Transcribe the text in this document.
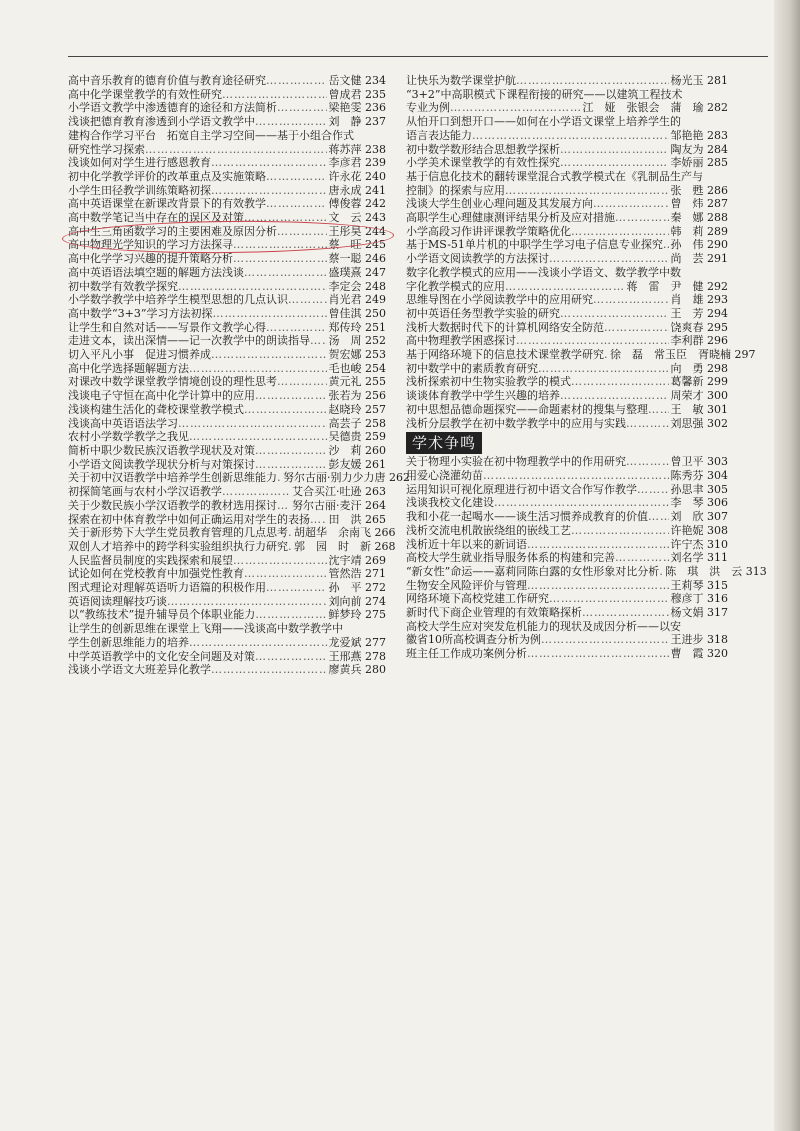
高中音乐教育的德育价值与教育途径研究 …………………………………………………………………………………………	岳文健 234
高中化学课堂教学的有效性研究 …………………………………………………………………………………………	曾成君 235
小学语文教学中渗透德育的途径和方法简析 …………………………………………………………………………………………	梁艳雯 236
浅谈把德育教育渗透到小学语文教学中 …………………………………………………………………………………………	刘　静 237
建构合作学习平台　拓宽自主学习空间——基于小组合作式
研究性学习探索 …………………………………………………………………………………………	蒋苏萍 238
浅谈如何对学生进行感恩教育 …………………………………………………………………………………………	李彦君 239
初中化学教学评价的改革重点及实施策略 …………………………………………………………………………………………	许永花 240
小学生田径教学训练策略初探 …………………………………………………………………………………………	唐永成 241
高中英语课堂在新课改背景下的有效教学 …………………………………………………………………………………………	傅俊蓉 242
高中数学笔记当中存在的误区及对策 …………………………………………………………………………………………	文　云 243
高中生三角函数学习的主要困难及原因分析 …………………………………………………………………………………………	王彤昊 244
高中物理光学知识的学习方法探寻 …………………………………………………………………………………………	蔡　旺 245
高中化学学习兴趣的提升策略分析 …………………………………………………………………………………………	蔡一聪 246
高中英语语法填空题的解题方法浅谈 …………………………………………………………………………………………	盛璞熹 247
初中数学有效教学探究 …………………………………………………………………………………………	李定会 248
小学数学教学中培养学生模型思想的几点认识 …………………………………………………………………………………………	肖光君 249
高中数学“3+3”学习方法初探 …………………………………………………………………………………………	曾佳淇 250
让学生和自然对话——写景作文教学心得 …………………………………………………………………………………………	郑传玲 251
走进文本，读出深情——记一次教学中的朗读指导 ………………………………………………………………………………………… 汤　周 252
切入平凡小事　促进习惯养成 …………………………………………………………………………………………	贺宏娜 253
高中化学选择题解题方法 …………………………………………………………………………………………	毛也峻 254
对课改中数学课堂教学情境创设的理性思考 …………………………………………………………………………………………	黄元礼 255
浅谈电子守恒在高中化学计算中的应用 …………………………………………………………………………………………	张若为 256
浅谈构建生活化的聋校课堂教学模式 …………………………………………………………………………………………	赵晓玲 257
浅谈高中英语语法学习 …………………………………………………………………………………………	高芸子 258
农村小学数学教学之我见 …………………………………………………………………………………………	吴德贵 259
简析中职少数民族汉语教学现状及对策 …………………………………………………………………………………………	沙　莉 260
小学语文阅读教学现状分析与对策探讨 …………………………………………………………………………………………	彭友媛 261
关于初中汉语教学中培养学生创新思维能力 ………………………………………………………………………………………… 努尔古丽·别力少力唐 262
初探简笔画与农村小学汉语教学 …………………………………………………………………………………………	艾合买江·吐逊 263
关于少数民族小学汉语教学的教材选用探讨 ………………………………………………………………………………………… 努尔古丽·麦汗 264
探索在初中体育教学中如何正确运用对学生的表扬 ………………………………………………………………………………………… 田　洪 265
关于新形势下大学生党员教育管理的几点思考 ………………………………………………………………………………………… 胡超华　余南飞 266
双创人才培养中的跨学科实验组织执行力研究 ………………………………………………………………………………………… 郭　园　时　新 268
人民监督员制度的实践探索和展望 …………………………………………………………………………………………	沈宇靖 269
试论如何在党校教育中加强党性教育 …………………………………………………………………………………………	管然浩 271
图式理论对理解英语听力语篇的积极作用 …………………………………………………………………………………………	孙　平 272
英语阅读理解技巧谈 …………………………………………………………………………………………	刘向前 274
以“教练技术”提升辅导员个体职业能力 …………………………………………………………………………………………	鲜梦玲 275
让学生的创新思维在课堂上飞翔——浅谈高中数学教学中
学生创新思维能力的培养 …………………………………………………………………………………………	龙爱斌 277
中学英语教学中的文化安全问题及对策 …………………………………………………………………………………………	王邢燕 278
浅谈小学语文大班差异化教学 …………………………………………………………………………………………	廖黄兵 280
让快乐为数学课堂护航 …………………………………………………………………………………………	杨光玉 281
“3+2”中高职模式下课程衔接的研究——以建筑工程技术
专业为例 …………………………………………………………………………………………	江　娅　张银会　蒲　瑜 282
从怕开口到想开口——如何在小学语文课堂上培养学生的
语言表达能力 …………………………………………………………………………………………	邹艳艳 283
初中数学数形结合思想教学探析 …………………………………………………………………………………………	陶友为 284
小学美术课堂教学的有效性探究 …………………………………………………………………………………………	李娇丽 285
基于信息化技术的翻转课堂混合式教学模式在《乳制品生产与
控制》的探索与应用 …………………………………………………………………………………………	张　甦 286
浅谈大学生创业心理问题及其发展方向 …………………………………………………………………………………………	曾　炜 287
高职学生心理健康测评结果分析及应对措施 …………………………………………………………………………………………	秦　娜 288
小学高段习作讲评课教学策略优化 …………………………………………………………………………………………	韩　莉 289
基于MS-51单片机的中职学生学习电子信息专业探究 ………………………………………………………………………………………… 孙　伟 290
小学语文阅读教学的方法探讨 …………………………………………………………………………………………	尚　芸 291
数字化教学模式的应用——浅谈小学语文、数学教学中数
字化教学模式的应用 …………………………………………………………………………………………	蒋　雷　尹　健 292
思维导图在小学阅读教学中的应用研究 …………………………………………………………………………………………	肖　雄 293
初中英语任务型教学实验的研究 …………………………………………………………………………………………	王　芳 294
浅析大数据时代下的计算机网络安全防范 …………………………………………………………………………………………	饶爽春 295
高中物理教学困惑探讨 …………………………………………………………………………………………	李利群 296
基于网络环境下的信息技术课堂教学研究 ………………………………………………………………………………………… 徐　磊　常玉臣　胥晓楠 297
初中数学中的素质教育研究 …………………………………………………………………………………………	向　勇 298
浅析探索初中生物实验教学的模式 …………………………………………………………………………………………	葛馨新 299
谈谈体育教学中学生兴趣的培养 …………………………………………………………………………………………	周荣才 300
初中思想品德命题探究——命题素材的搜集与整理 ………………………………………………………………………………………… 王　敏 301
浅析分层教学在初中数学教学中的应用与实践 …………………………………………………………………………………………	刘思强 302
学术争鸣
关于物理小实验在初中物理教学中的作用研究 …………………………………………………………………………………………	曾卫平 303
用爱心浇灌幼苗 …………………………………………………………………………………………	陈秀芬 304
运用知识可视化原理进行初中语文合作写作教学 …………………………………………………………………………………………	孙思聿 305
浅谈我校文化建设 …………………………………………………………………………………………	李　琴 306
我和小花一起喝水——谈生活习惯养成教育的价值 ………………………………………………………………………………………… 刘　欣 307
浅析交流电机散嵌绕组的嵌线工艺 …………………………………………………………………………………………	许艳妮 308
浅析近十年以来的新词语 …………………………………………………………………………………………	许宁杰 310
高校大学生就业指导服务体系的构建和完善 …………………………………………………………………………………………	刘名学 311
“新女性”命运——嘉莉同陈白露的女性形象对比分析 ………………………………………………………………………………………… 陈　琪　洪　云 313
生物安全风险评价与管理 …………………………………………………………………………………………	王莉琴 315
网络环境下高校党建工作研究 …………………………………………………………………………………………	穆彦丁 316
新时代下商企业管理的有效策略探析 …………………………………………………………………………………………	杨文娟 317
高校大学生应对突发危机能力的现状及成因分析——以安
徽省10所高校调查分析为例 …………………………………………………………………………………………	王进步 318
班主任工作成功案例分析 …………………………………………………………………………………………	曹　霞 320
